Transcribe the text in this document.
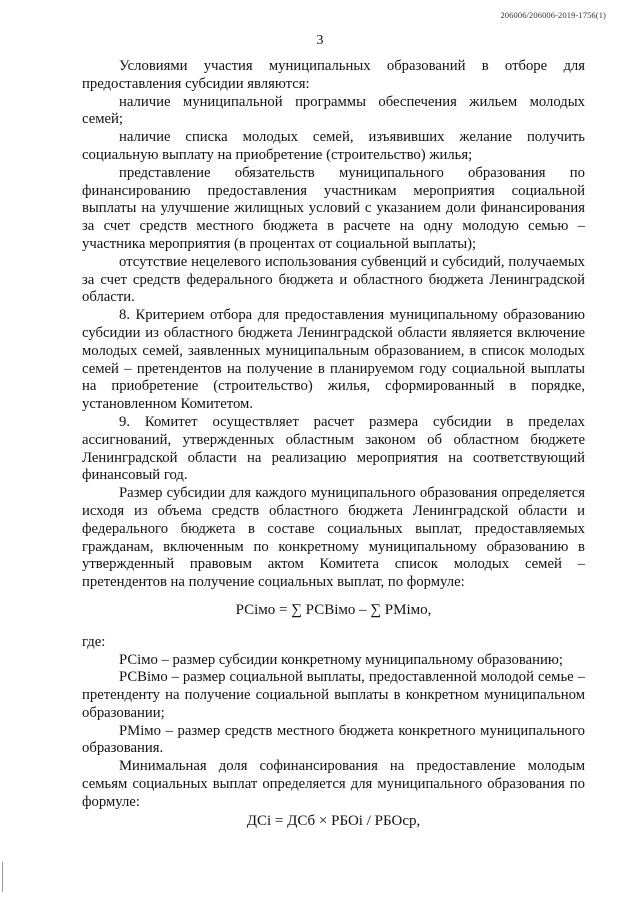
206006/206006-2019-1756(1)
3

Условиями участия муниципальных образований в отборе для предоставления субсидии являются:

наличие муниципальной программы обеспечения жильем молодых семей;

наличие списка молодых семей, изъявивших желание получить социальную выплату на приобретение (строительство) жилья;

представление обязательств муниципального образования по финансированию предоставления участникам мероприятия социальной выплаты на улучшение жилищных условий с указанием доли финансирования за счет средств местного бюджета в расчете на одну молодую семью – участника мероприятия (в процентах от социальной выплаты);

отсутствие нецелевого использования субвенций и субсидий, получаемых за счет средств федерального бюджета и областного бюджета Ленинградской области.

8. Критерием отбора для предоставления муниципальному образованию субсидии из областного бюджета Ленинградской области являяется включение молодых семей, заявленных муниципальным образованием, в список молодых семей – претендентов на получение в планируемом году социальной выплаты на приобретение (строительство) жилья, сформированный в порядке, установленном Комитетом.

9. Комитет осуществляет расчет размера субсидии в пределах ассигнований, утвержденных областным законом об областном бюджете Ленинградской области на реализацию мероприятия на соответствующий финансовый год.

Размер субсидии для каждого муниципального образования определяется исходя из объема средств областного бюджета Ленинградской области и федерального бюджета в составе социальных выплат, предоставляемых гражданам, включенным по конкретному муниципальному образованию в утвержденный правовым актом Комитета список молодых семей – претендентов на получение социальных выплат, по формуле:

РСiмо = ∑ РСВiмо – ∑ РМiмо,

где:

РСiмо – размер субсидии конкретному муниципальному образованию;

РСВiмо – размер социальной выплаты, предоставленной молодой семье – претенденту на получение социальной выплаты в конкретном муниципальном образовании;

РМiмо – размер средств местного бюджета конкретного муниципального образования.

Минимальная доля софинансирования на предоставление молодым семьям социальных выплат определяется для муниципального образования по формуле:

ДСi = ДСб × РБОi / РБОср,
